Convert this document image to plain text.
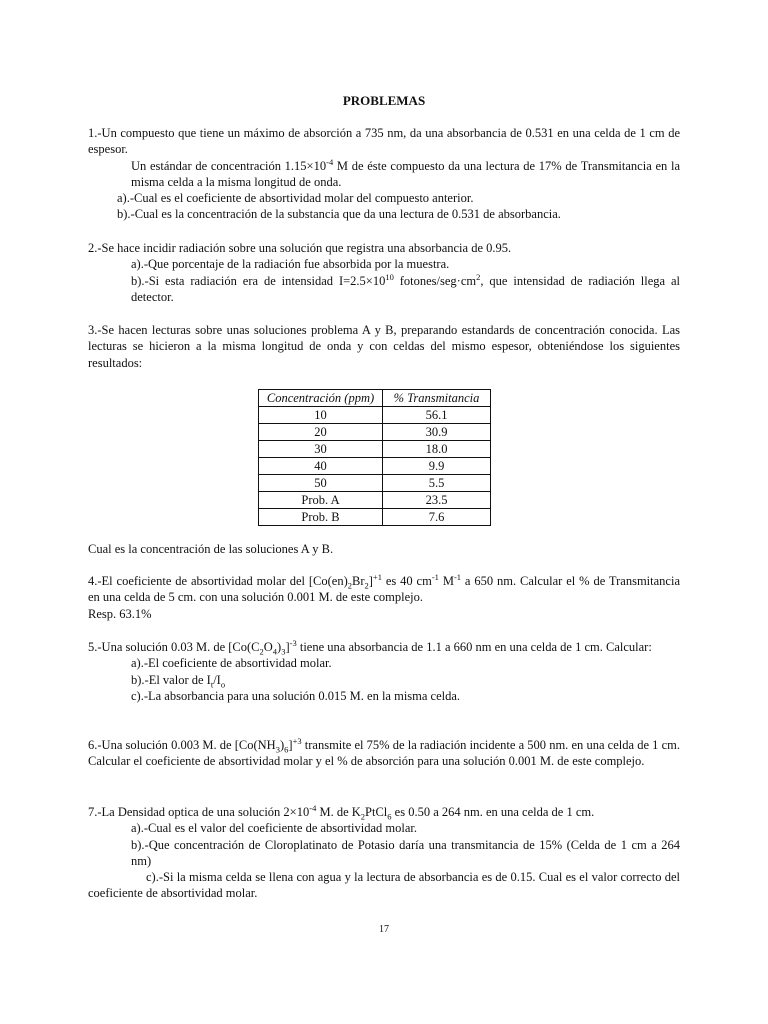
PROBLEMAS

1.-Un compuesto que tiene un máximo de absorción a 735 nm, da una absorbancia de 0.531 en una celda de 1 cm de espesor.

Un estándar de concentración $1.15\times 10^{-4}$ M de éste compuesto da una lectura de 17% de Transmitancia en la misma celda a la misma longitud de onda.

a).-Cual es el coeficiente de absortividad molar del compuesto anterior.

b).-Cual es la concentración de la substancia que da una lectura de 0.531 de absorbancia.

2.-Se hace incidir radiación sobre una solución que registra una absorbancia de 0.95.

a).-Que porcentaje de la radiación fue absorbida por la muestra.

b).-Si esta radiación era de intensidad $I=2.5\times 10^{10}$ fotones/$seg\cdot cm^2$, que intensidad de radiación llega al detector.

3.-Se hacen lecturas sobre unas soluciones problema A y B, preparando estandards de concentración conocida. Las lecturas se hicieron a la misma longitud de onda y con celdas del mismo espesor, obteniéndose los siguientes resultados:

Concentración (ppm)	% Transmitancia
10	56.1
20	30.9
30	18.0
40	9.9
50	5.5
Prob. A	23.5
Prob. B	7.6

Cual es la concentración de las soluciones A y B.

4.-El coeficiente de absortividad molar del $[Co(en)_2Br_2]^{+1}$ es 40 $cm^{-1}$ $M^{-1}$ a 650 nm. Calcular el % de Transmitancia en una celda de 5 cm. con una solución 0.001 M. de este complejo.

Resp. 63.1%

5.-Una solución 0.03 M. de $[Co(C_2O_4)_3]^{-3}$ tiene una absorbancia de 1.1 a 660 nm en una celda de 1 cm. Calcular:

a).-El coeficiente de absortividad molar.

b).-El valor de $I_t/I_o$

c).-La absorbancia para una solución 0.015 M. en la misma celda.

6.-Una solución 0.003 M. de $[Co(NH_3)_6]^{+3}$ transmite el 75% de la radiación incidente a 500 nm. en una celda de 1 cm. Calcular el coeficiente de absortividad molar y el % de absorción para una solución 0.001 M. de este complejo.

7.-La Densidad optica de una solución $2\times 10^{-4}$ M. de $K_2PtCl_6$ es 0.50 a 264 nm. en una celda de 1 cm.

a).-Cual es el valor del coeficiente de absortividad molar.

b).-Que concentración de Cloroplatinato de Potasio daría una transmitancia de 15% (Celda de 1 cm a 264 nm)

c).-Si la misma celda se llena con agua y la lectura de absorbancia es de 0.15. Cual es el valor correcto del coeficiente de absortividad molar.

17
